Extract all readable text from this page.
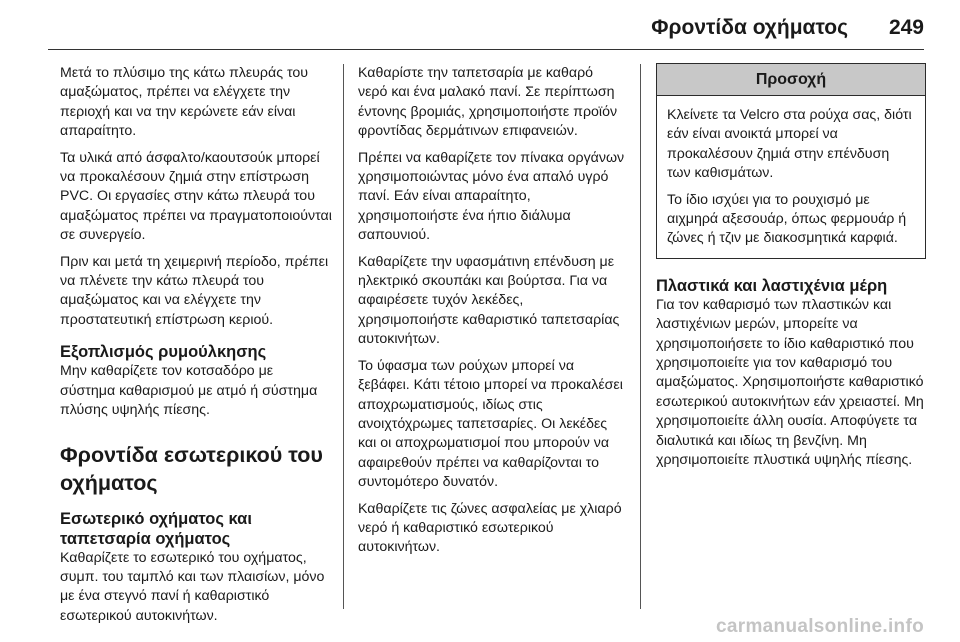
Φροντίδα οχήματος 249

Μετά το πλύσιμο της κάτω πλευράς του αμαξώματος, πρέπει να ελέγχετε την περιοχή και να την κερώνετε εάν είναι απαραίτητο.

Τα υλικά από άσφαλτο/καουτσούκ μπορεί να προκαλέσουν ζημιά στην επίστρωση PVC. Οι εργασίες στην κάτω πλευρά του αμαξώματος πρέπει να πραγματοποιούνται σε συνεργείο.

Πριν και μετά τη χειμερινή περίοδο, πρέπει να πλένετε την κάτω πλευρά του αμαξώματος και να ελέγχετε την προστατευτική επίστρωση κεριού.

Εξοπλισμός ρυμούλκησης

Μην καθαρίζετε τον κοτσαδόρο με σύστημα καθαρισμού με ατμό ή σύστημα πλύσης υψηλής πίεσης.

Φροντίδα εσωτερικού του οχήματος
Εσωτερικό οχήματος και ταπετσαρία οχήματος

Καθαρίζετε το εσωτερικό του οχήματος, συμπ. του ταμπλό και των πλαισίων, μόνο με ένα στεγνό πανί ή καθαριστικό εσωτερικού αυτοκινήτων.

Καθαρίστε την ταπετσαρία με καθαρό νερό και ένα μαλακό πανί. Σε περίπτωση έντονης βρομιάς, χρησιμοποιήστε προϊόν φροντίδας δερμάτινων επιφανειών.

Πρέπει να καθαρίζετε τον πίνακα οργάνων χρησιμοποιώντας μόνο ένα απαλό υγρό πανί. Εάν είναι απαραίτητο, χρησιμοποιήστε ένα ήπιο διάλυμα σαπουνιού.

Καθαρίζετε την υφασμάτινη επένδυση με ηλεκτρικό σκουπάκι και βούρτσα. Για να αφαιρέσετε τυχόν λεκέδες, χρησιμοποιήστε καθαριστικό ταπετσαρίας αυτοκινήτων.

Το ύφασμα των ρούχων μπορεί να ξεβάφει. Κάτι τέτοιο μπορεί να προκαλέσει αποχρωματισμούς, ιδίως στις ανοιχτόχρωμες ταπετσαρίες. Οι λεκέδες και οι αποχρωματισμοί που μπορούν να αφαιρεθούν πρέπει να καθαρίζονται το συντομότερο δυνατόν.

Καθαρίζετε τις ζώνες ασφαλείας με χλιαρό νερό ή καθαριστικό εσωτερικού αυτοκινήτων.

Προσοχή

Κλείνετε τα Velcro στα ρούχα σας, διότι εάν είναι ανοικτά μπορεί να προκαλέσουν ζημιά στην επένδυση των καθισμάτων.

Το ίδιο ισχύει για το ρουχισμό με αιχμηρά αξεσουάρ, όπως φερμουάρ ή ζώνες ή τζιν με διακοσμητικά καρφιά.

Πλαστικά και λαστιχένια μέρη

Για τον καθαρισμό των πλαστικών και λαστιχένιων μερών, μπορείτε να χρησιμοποιήσετε το ίδιο καθαριστικό που χρησιμοποιείτε για τον καθαρισμό του αμαξώματος. Χρησιμοποιήστε καθαριστικό εσωτερικού αυτοκινήτων εάν χρειαστεί. Μη χρησιμοποιείτε άλλη ουσία. Αποφύγετε τα διαλυτικά και ιδίως τη βενζίνη. Μη χρησιμοποιείτε πλυστικά υψηλής πίεσης.

carmanualsonline.info
